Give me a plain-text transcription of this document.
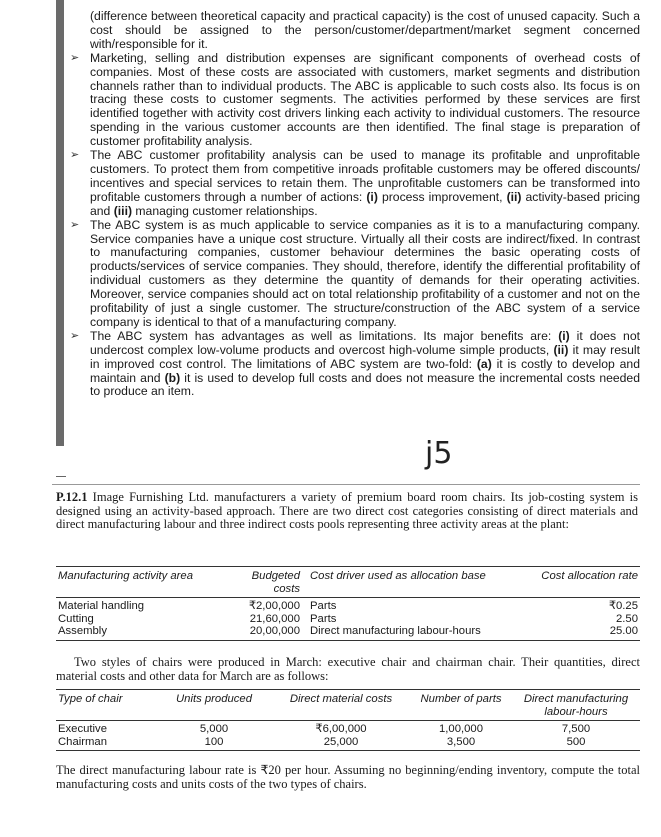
(difference between theoretical capacity and practical capacity) is the cost of unused capacity. Such a cost should be assigned to the person/customer/department/market segment concerned with/responsible for it.

➢ Marketing, selling and distribution expenses are significant components of overhead costs of companies. Most of these costs are associated with customers, market segments and distribution channels rather than to individual products. The ABC is applicable to such costs also. Its focus is on tracing these costs to customer segments. The activities performed by these services are first identified together with activity cost drivers linking each activity to individual customers. The resource spending in the various customer accounts are then identified. The final stage is preparation of customer profitability analysis.

➢ The ABC customer profitability analysis can be used to manage its profitable and unprofitable customers. To protect them from competitive inroads profitable customers may be offered discounts/ incentives and special services to retain them. The unprofitable customers can be transformed into profitable customers through a number of actions: (i) process improvement, (ii) activity-based pricing and (iii) managing customer relationships.

➢ The ABC system is as much applicable to service companies as it is to a manufacturing company. Service companies have a unique cost structure. Virtually all their costs are indirect/fixed. In contrast to manufacturing companies, customer behaviour determines the basic operating costs of products/services of service companies. They should, therefore, identify the differential profitability of individual customers as they determine the quantity of demands for their operating activities. Moreover, service companies should act on total relationship profitability of a customer and not on the profitability of just a single customer. The structure/construction of the ABC system of a service company is identical to that of a manufacturing company.

➢ The ABC system has advantages as well as limitations. Its major benefits are: (i) it does not undercost complex low-volume products and overcost high-volume simple products, (ii) it may result in improved cost control. The limitations of ABC system are two-fold: (a) it is costly to develop and maintain and (b) it is used to develop full costs and does not measure the incremental costs needed to produce an item.

j5

P.12.1 Image Furnishing Ltd. manufacturers a variety of premium board room chairs. Its job-costing system is designed using an activity-based approach. There are two direct cost categories consisting of direct materials and direct manufacturing labour and three indirect costs pools representing three activity areas at the plant:

Manufacturing activity area	Budgeted costs	Cost driver used as allocation base	Cost allocation rate
Material handling	₹2,00,000	Parts	₹0.25
Cutting	21,60,000	Parts	2.50
Assembly	20,00,000	Direct manufacturing labour-hours	25.00

Two styles of chairs were produced in March: executive chair and chairman chair. Their quantities, direct material costs and other data for March are as follows:

Type of chair	Units produced	Direct material costs	Number of parts	Direct manufacturing labour-hours
Executive	5,000	₹6,00,000	1,00,000	7,500
Chairman	100	25,000	3,500	500

The direct manufacturing labour rate is ₹20 per hour. Assuming no beginning/ending inventory, compute the total manufacturing costs and units costs of the two types of chairs.
